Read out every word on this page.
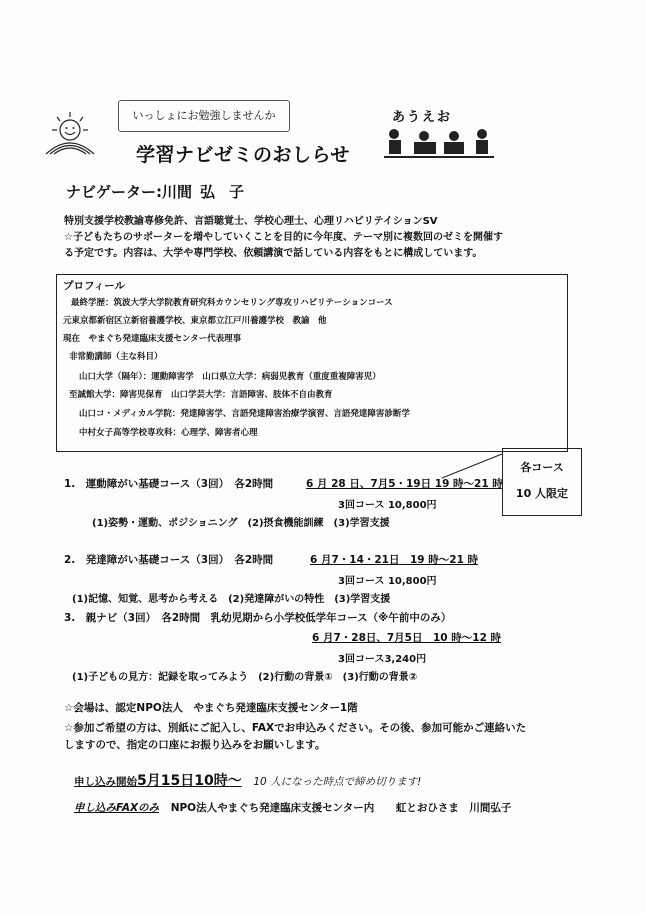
いっしょにお勉強しませんか
学習ナビゼミのおしらせ
あうえお
ナビゲーター:川間 弘子
特別支援学校教諭専修免許、言語聴覚士、学校心理士、心理リハビリテイションSV
☆子どもたちのサポーターを増やしていくことを目的に今年度、テーマ別に複数回のゼミを開催す
る予定です。内容は、大学や専門学校、依頼講演で話している内容をもとに構成しています。
プロフィール
最終学歴：筑波大学大学院教育研究科カウンセリング専攻リハビリテーションコース
元東京都新宿区立新宿養護学校、東京都立江戸川養護学校　教諭　他
現在　やまぐち発達臨床支援センター代表理事
非常勤講師（主な科目）
山口大学（隔年）：運動障害学　山口県立大学：病弱児教育（重度重複障害児）
至誠館大学：障害児保育　山口学芸大学：言語障害、肢体不自由教育
山口コ・メディカル学院：発達障害学、言語発達障害治療学演習、言語発達障害診断学
中村女子高等学校専攻科：心理学、障害者心理
各コース
10 人限定
1.　運動障がい基礎コース（3回）　各2時間	6 月 28 日、7月5・19日 19 時～21 時
3回コース 10,800円
(1)姿勢・運動、ポジショニング　(2)摂食機能訓練　(3)学習支援
2.　発達障がい基礎コース（3回）　各2時間	6 月7・14・21日　19 時～21 時
3回コース 10,800円
(1)記憶、知覚、思考から考える　(2)発達障がいの特性　(3)学習支援
3.　親ナビ（3回）　各2時間　乳幼児期から小学校低学年コース（※午前中のみ）
6 月7・28日、7月5日　10 時～12 時
3回コース3,240円
(1)子どもの見方：記録を取ってみよう　(2)行動の背景①　(3)行動の背景②
☆会場は、認定NPO法人　やまぐち発達臨床支援センター1階
☆参加ご希望の方は、別紙にご記入し、FAXでお申込みください。その後、参加可能かご連絡いた
しますので、指定の口座にお振り込みをお願いします。
申し込み開始5月15日10時～ 10 人になった時点で締め切ります!
申し込みFAXのみ NPO法人やまぐち発達臨床支援センター内 虹とおひさま　川間弘子
